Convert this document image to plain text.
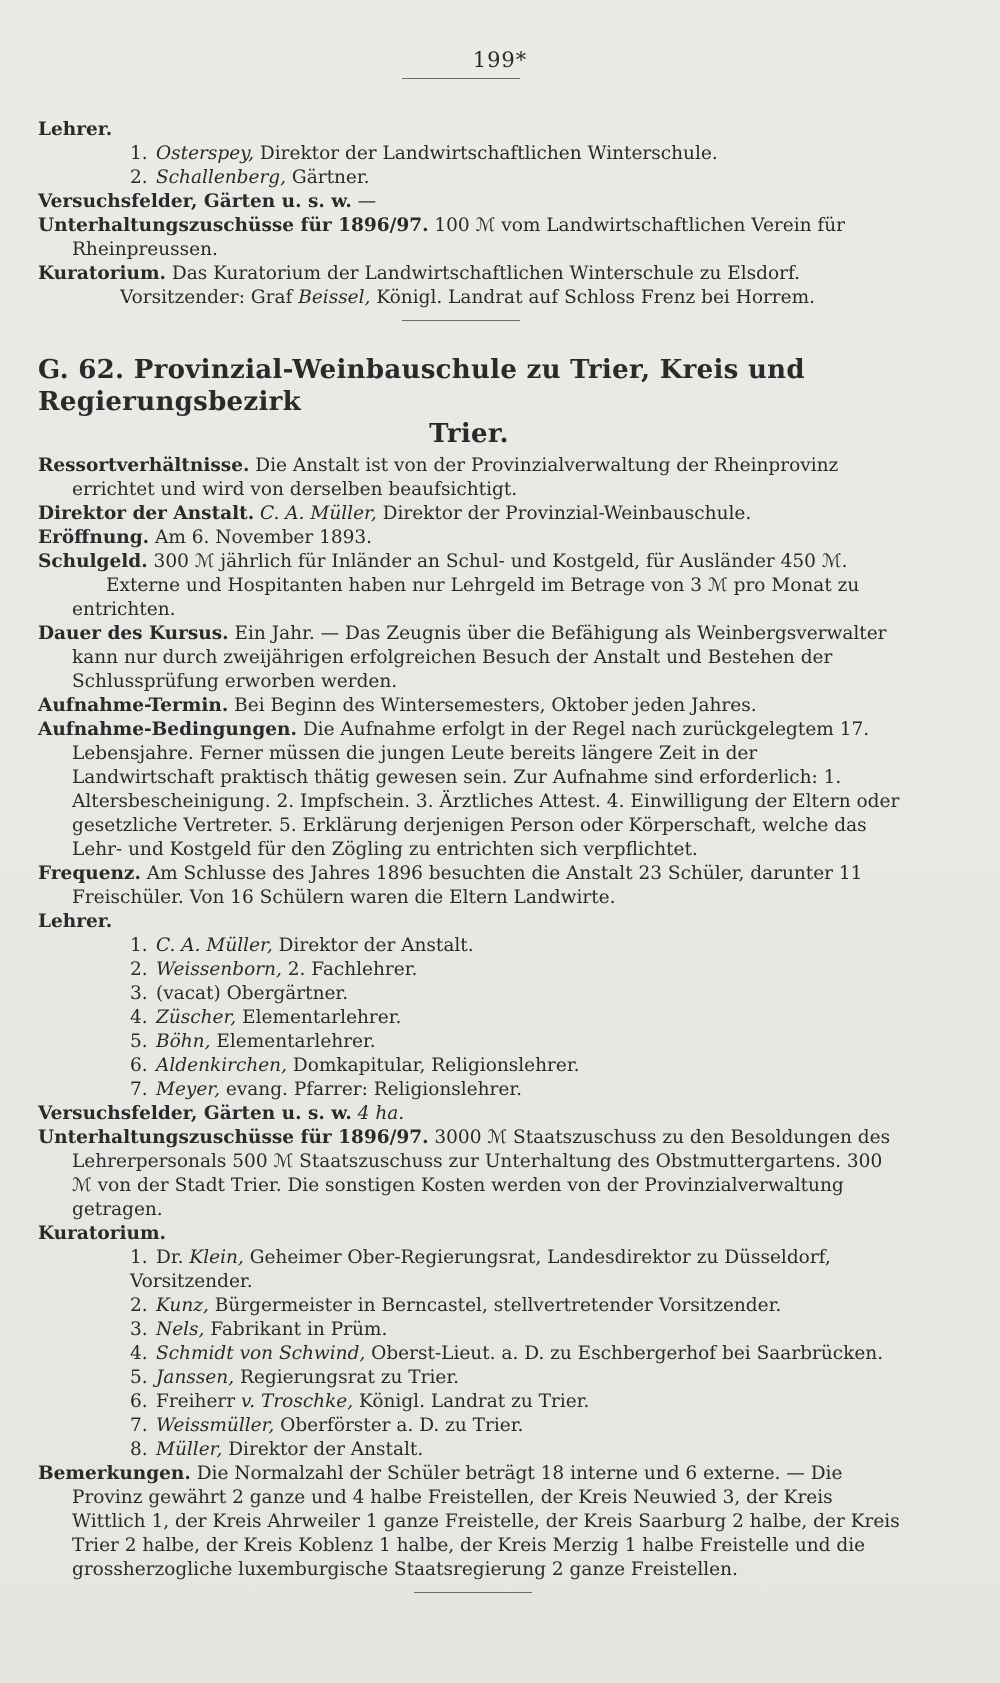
199*

Lehrer.

1. Osterspey, Direktor der Landwirtschaftlichen Winterschule.

2. Schallenberg, Gärtner.

Versuchsfelder, Gärten u. s. w. —

Unterhaltungszuschüsse für 1896/97. 100 ℳ vom Landwirtschaftlichen Verein für Rheinpreussen.

Kuratorium. Das Kuratorium der Landwirtschaftlichen Winterschule zu Elsdorf.

Vorsitzender: Graf Beissel, Königl. Landrat auf Schloss Frenz bei Horrem.

G. 62. Provinzial-Weinbauschule zu Trier, Kreis und Regierungsbezirk
Trier.

Ressortverhältnisse. Die Anstalt ist von der Provinzialverwaltung der Rheinprovinz errichtet und wird von derselben beaufsichtigt.

Direktor der Anstalt. C. A. Müller, Direktor der Provinzial-Weinbauschule.

Eröffnung. Am 6. November 1893.

Schulgeld. 300 ℳ jährlich für Inländer an Schul- und Kostgeld, für Ausländer 450 ℳ.

Externe und Hospitanten haben nur Lehrgeld im Betrage von 3 ℳ pro Monat zu entrichten.

Dauer des Kursus. Ein Jahr. — Das Zeugnis über die Befähigung als Weinbergsverwalter kann nur durch zweijährigen erfolgreichen Besuch der Anstalt und Bestehen der Schlussprüfung erworben werden.

Aufnahme-Termin. Bei Beginn des Wintersemesters, Oktober jeden Jahres.

Aufnahme-Bedingungen. Die Aufnahme erfolgt in der Regel nach zurückgelegtem 17. Lebensjahre. Ferner müssen die jungen Leute bereits längere Zeit in der Landwirtschaft praktisch thätig gewesen sein. Zur Aufnahme sind erforderlich: 1. Altersbescheinigung. 2. Impfschein. 3. Ärztliches Attest. 4. Einwilligung der Eltern oder gesetzliche Vertreter. 5. Erklärung derjenigen Person oder Körperschaft, welche das Lehr- und Kostgeld für den Zögling zu entrichten sich verpflichtet.

Frequenz. Am Schlusse des Jahres 1896 besuchten die Anstalt 23 Schüler, darunter 11 Freischüler. Von 16 Schülern waren die Eltern Landwirte.

Lehrer.

1. C. A. Müller, Direktor der Anstalt.

2. Weissenborn, 2. Fachlehrer.

3. (vacat) Obergärtner.

4. Züscher, Elementarlehrer.

5. Böhn, Elementarlehrer.

6. Aldenkirchen, Domkapitular, Religionslehrer.

7. Meyer, evang. Pfarrer: Religionslehrer.

Versuchsfelder, Gärten u. s. w. 4 ha.

Unterhaltungszuschüsse für 1896/97. 3000 ℳ Staatszuschuss zu den Besoldungen des Lehrerpersonals 500 ℳ Staatszuschuss zur Unterhaltung des Obstmuttergartens. 300 ℳ von der Stadt Trier. Die sonstigen Kosten werden von der Provinzialverwaltung getragen.

Kuratorium.

1. Dr. Klein, Geheimer Ober-Regierungsrat, Landesdirektor zu Düsseldorf, Vorsitzender.

2. Kunz, Bürgermeister in Berncastel, stellvertretender Vorsitzender.

3. Nels, Fabrikant in Prüm.

4. Schmidt von Schwind, Oberst-Lieut. a. D. zu Eschbergerhof bei Saarbrücken.

5. Janssen, Regierungsrat zu Trier.

6. Freiherr v. Troschke, Königl. Landrat zu Trier.

7. Weissmüller, Oberförster a. D. zu Trier.

8. Müller, Direktor der Anstalt.

Bemerkungen. Die Normalzahl der Schüler beträgt 18 interne und 6 externe. — Die Provinz gewährt 2 ganze und 4 halbe Freistellen, der Kreis Neuwied 3, der Kreis Wittlich 1, der Kreis Ahrweiler 1 ganze Freistelle, der Kreis Saarburg 2 halbe, der Kreis Trier 2 halbe, der Kreis Koblenz 1 halbe, der Kreis Merzig 1 halbe Freistelle und die grossherzogliche luxemburgische Staatsregierung 2 ganze Freistellen.
